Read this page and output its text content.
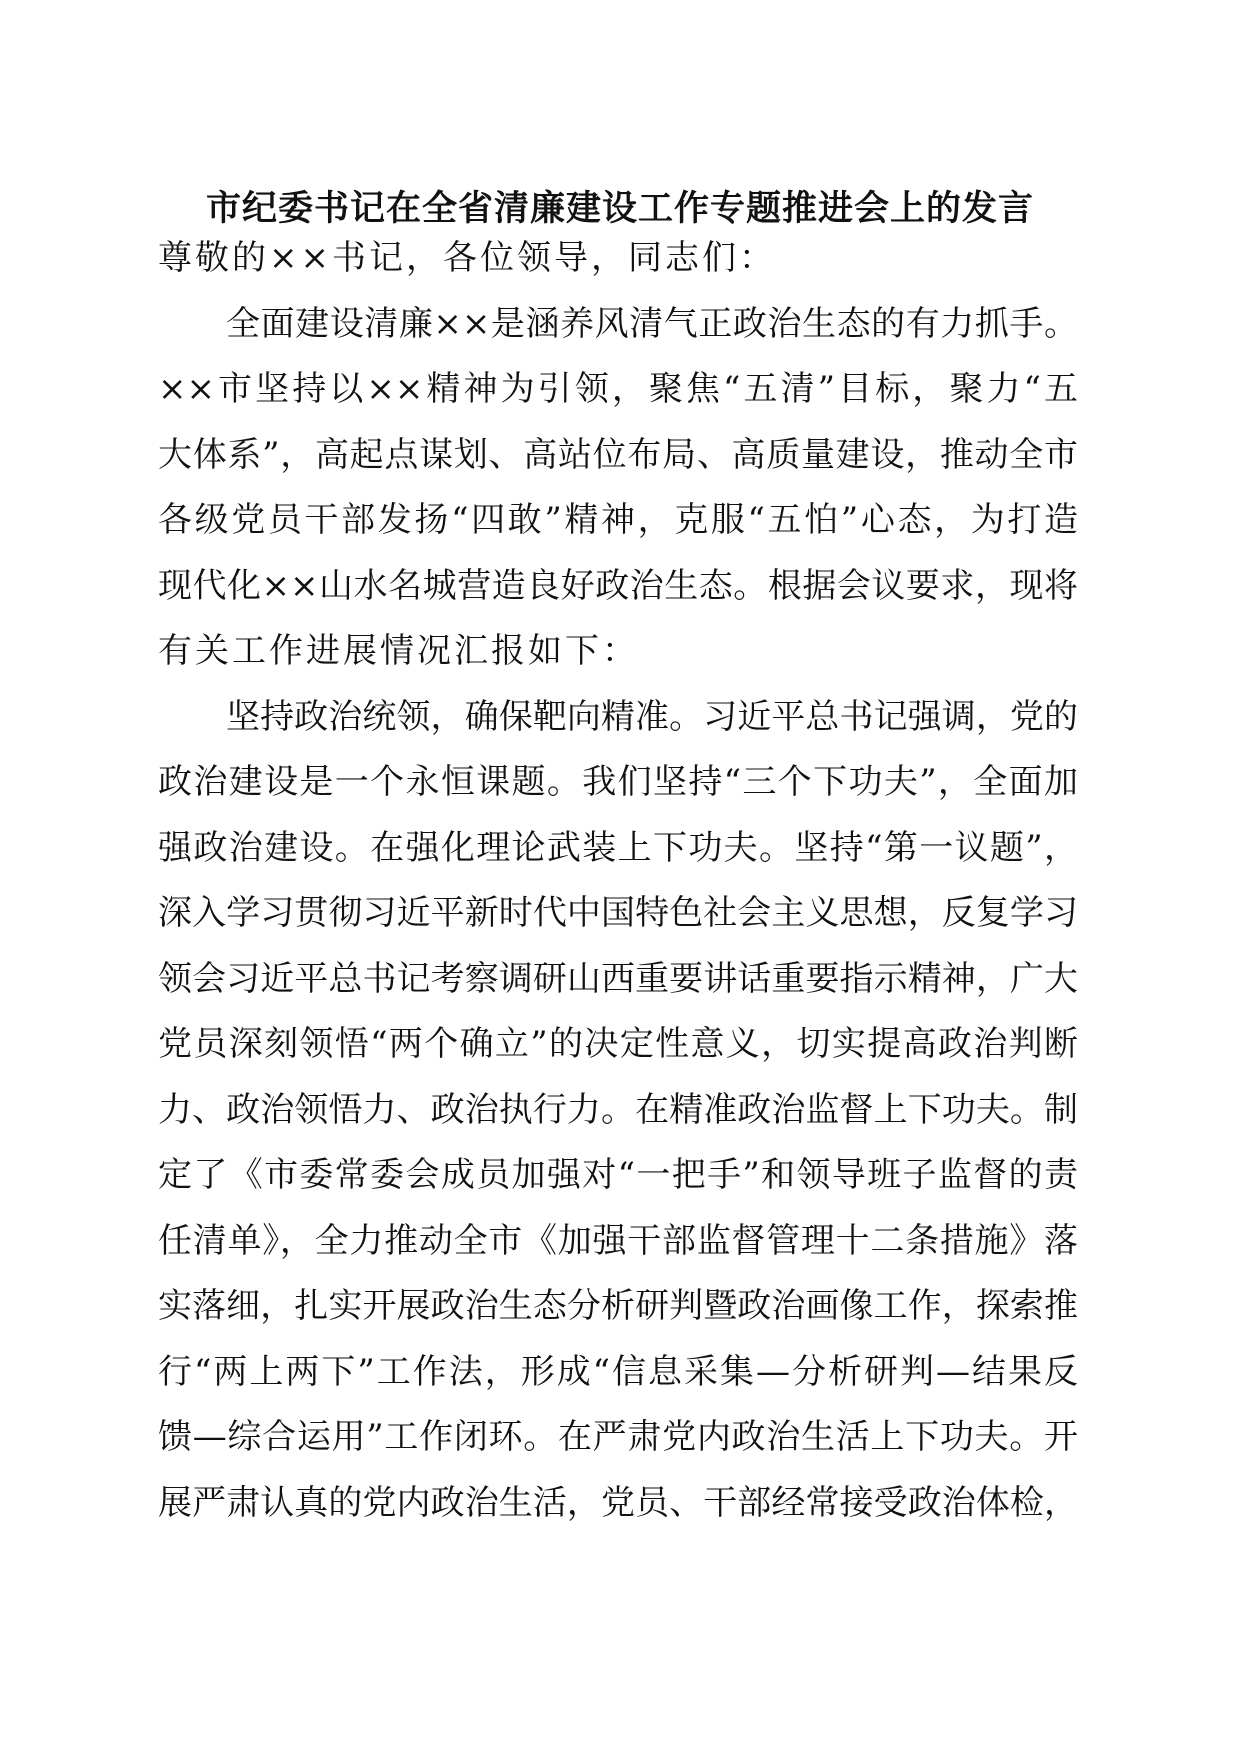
市纪委书记在全省清廉建设工作专题推进会上的发言
尊敬的××书记，各位领导，同志们：
全面建设清廉××是涵养风清气正政治生态的有力抓手。
××市坚持以××精神为引领，聚焦“五清”目标，聚力“五
大体系”，高起点谋划、高站位布局、高质量建设，推动全市
各级党员干部发扬“四敢”精神，克服“五怕”心态，为打造
现代化××山水名城营造良好政治生态。根据会议要求，现将
有关工作进展情况汇报如下：
坚持政治统领，确保靶向精准。习近平总书记强调，党的
政治建设是一个永恒课题。我们坚持“三个下功夫”，全面加
强政治建设。在强化理论武装上下功夫。坚持“第一议题”，
深入学习贯彻习近平新时代中国特色社会主义思想，反复学习
领会习近平总书记考察调研山西重要讲话重要指示精神，广大
党员深刻领悟“两个确立”的决定性意义，切实提高政治判断
力、政治领悟力、政治执行力。在精准政治监督上下功夫。制
定了《市委常委会成员加强对“一把手”和领导班子监督的责
任清单》，全力推动全市《加强干部监督管理十二条措施》落
实落细，扎实开展政治生态分析研判暨政治画像工作，探索推
行“两上两下”工作法，形成“信息采集—分析研判—结果反
馈—综合运用”工作闭环。在严肃党内政治生活上下功夫。开
展严肃认真的党内政治生活，党员、干部经常接受政治体检，
